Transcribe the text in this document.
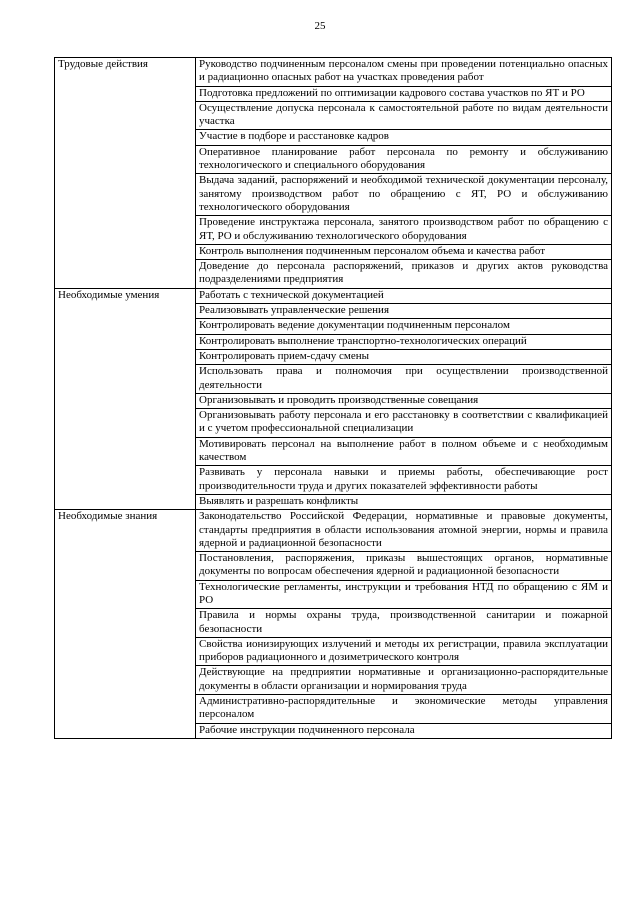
25
Трудовые действия	Руководство подчиненным персоналом смены при проведении потенциально опасных и радиационно опасных работ на участках проведения работ
	Подготовка предложений по оптимизации кадрового состава участков по ЯТ и РО
	Осуществление допуска персонала к самостоятельной работе по видам деятельности участка
	Участие в подборе и расстановке кадров
	Оперативное планирование работ персонала по ремонту и обслуживанию технологического и специального оборудования
	Выдача заданий, распоряжений и необходимой технической документации персоналу, занятому производством работ по обращению с ЯТ, РО и обслуживанию технологического оборудования
	Проведение инструктажа персонала, занятого производством работ по обращению с ЯТ, РО и обслуживанию технологического оборудования
	Контроль выполнения подчиненным персоналом объема и качества работ
	Доведение до персонала распоряжений, приказов и других актов руководства подразделениями предприятия
Необходимые умения	Работать с технической документацией
	Реализовывать управленческие решения
	Контролировать ведение документации подчиненным персоналом
	Контролировать выполнение транспортно-технологических операций
	Контролировать прием-сдачу смены
	Использовать права и полномочия при осуществлении производственной деятельности
	Организовывать и проводить производственные совещания
	Организовывать работу персонала и его расстановку в соответствии с квалификацией и с учетом профессиональной специализации
	Мотивировать персонал на выполнение работ в полном объеме и с необходимым качеством
	Развивать у персонала навыки и приемы работы, обеспечивающие рост производительности труда и других показателей эффективности работы
	Выявлять и разрешать конфликты
Необходимые знания	Законодательство Российской Федерации, нормативные и правовые документы, стандарты предприятия в области использования атомной энергии, нормы и правила ядерной и радиационной безопасности
	Постановления, распоряжения, приказы вышестоящих органов, нормативные документы по вопросам обеспечения ядерной и радиационной безопасности
	Технологические регламенты, инструкции и требования НТД по обращению с ЯМ и РО
	Правила и нормы охраны труда, производственной санитарии и пожарной безопасности
	Свойства ионизирующих излучений и методы их регистрации, правила эксплуатации приборов радиационного и дозиметрического контроля
	Действующие на предприятии нормативные и организационно-распорядительные документы в области организации и нормирования труда
	Административно-распорядительные и экономические методы управления персоналом
	Рабочие инструкции подчиненного персонала
